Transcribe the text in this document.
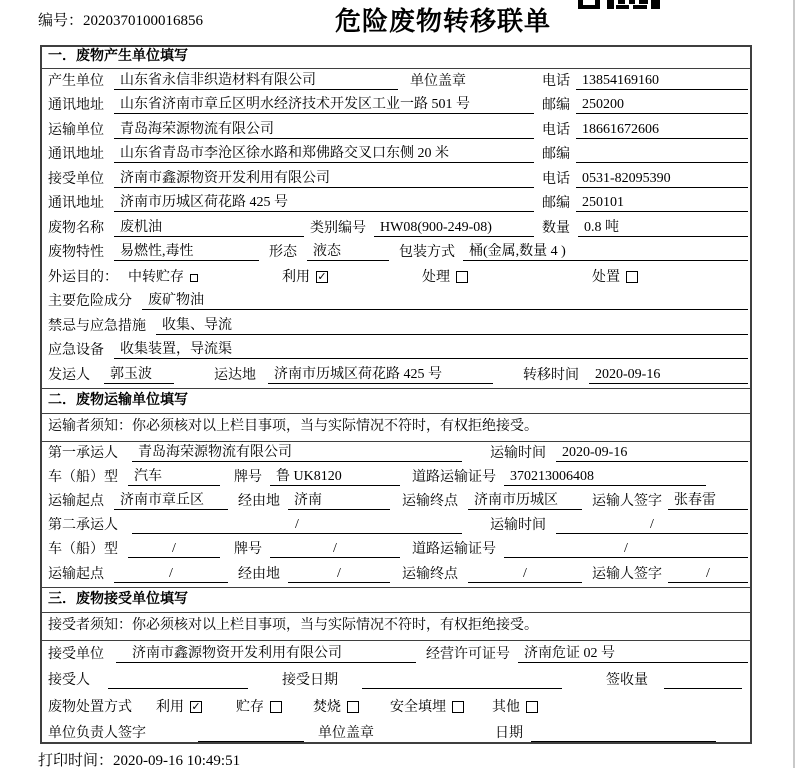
编号：2020370100016856	危险废物转移联单
一．废物产生单位填写
产生单位	山东省永信非织造材料有限公司	单位盖章	电话 13854169160
通讯地址	山东省济南市章丘区明水经济技术开发区工业一路 501 号	邮编 250200
运输单位	青岛海荣源物流有限公司	电话 18661672606
通讯地址	山东省青岛市李沧区徐水路和郑佛路交叉口东侧 20 米	邮编
接受单位	济南市鑫源物资开发利用有限公司	电话 0531-82095390
通讯地址	济南市历城区荷花路 425 号	邮编 250101
废物名称	废机油	类别编号	HW08(900-249-08)	数量	0.8 吨
废物特性	易燃性,毒性	形态	液态	包装方式	桶(金属,数量 4 )
外运目的： 中转贮存	利用 ✓	处理	处置
主要危险成分	废矿物油
禁忌与应急措施	收集、导流
应急设备	收集装置，导流渠
发运人	郭玉波	运达地	济南市历城区荷花路 425 号	转移时间	2020-09-16
二．废物运输单位填写
运输者须知：你必须核对以上栏目事项，当与实际情况不符时，有权拒绝接受。
第一承运人	青岛海荣源物流有限公司	运输时间	2020-09-16
车（船）型	汽车	牌号	鲁 UK8120	道路运输证号	370213006408
运输起点	济南市章丘区	经由地	济南	运输终点	济南市历城区	运输人签字 张春雷
第二承运人	/	运输时间	/
车（船）型	/	牌号	/	道路运输证号	/
运输起点	/	经由地	/	运输终点	/	运输人签字	/
三．废物接受单位填写
接受者须知：你必须核对以上栏目事项，当与实际情况不符时，有权拒绝接受。
接受单位	济南市鑫源物资开发利用有限公司	经营许可证号	济南危证 02 号
接受人	接受日期	签收量
废物处置方式 利用 ✓	贮存	焚烧	安全填埋	其他
单位负责人签字	单位盖章	日期
打印时间：2020-09-16 10:49:51
